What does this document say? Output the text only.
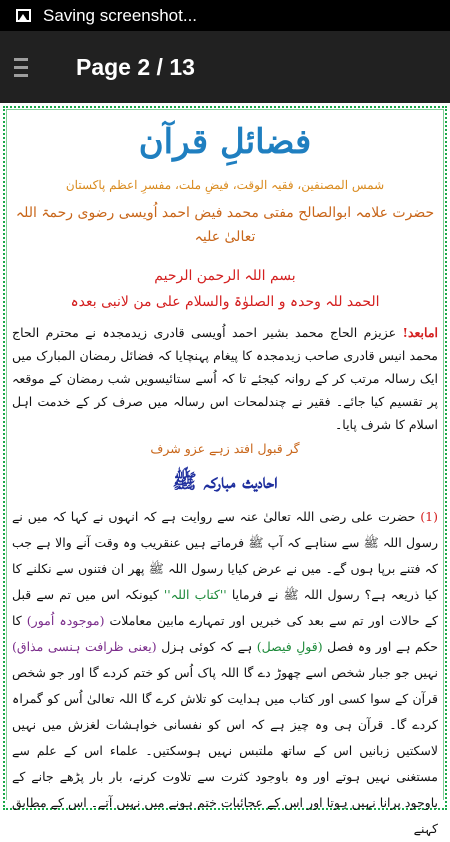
Saving screenshot...
Page 2 / 13
فضائلِ قرآن
شمس المصنفین، فقیہ الوقت، فیضِ ملت، مفسرِ اعظم پاکستان
حضرت علامہ ابوالصالح مفتی محمد فیض احمد اُویسی رضوی رحمۃ اللہ تعالیٰ علیہ
بسم اللہ الرحمن الرحیم
الحمد للہ وحدہ و الصلوٰۃ والسلام علی من لانبی بعدہ
امابعد! عزیزم الحاج محمد بشیر احمد اُویسی قادری زیدمجدہ نے محترم الحاج محمد انیس قادری صاحب زیدمجدہ کا پیغام پہنچایا کہ فضائل رمضان المبارک میں ایک رسالہ مرتب کر کے روانہ کیجئے تا کہ اُسے ستائیسویں شب رمضان کے موقعہ پر تقسیم کیا جائے۔ فقیر نے چندلمحات اس رسالہ میں صرف کر کے خدمت اہل اسلام کا شرف پایا۔
گر قبول افتد زہے عزو شرف
احادیث مبارکہ ﷺ
(1) حضرت علی رضی اللہ تعالیٰ عنہ سے روایت ہے کہ انہوں نے کہا کہ میں نے رسول اللہ ﷺ سے سناہے کہ آپ ﷺ فرماتے ہیں عنقریب وہ وقت آنے والا ہے جب کہ فتنے برپا ہوں گے۔ میں نے عرض کیایا رسول اللہ ﷺ پھر ان فتنوں سے نکلنے کا کیا ذریعہ ہے؟ رسول اللہ ﷺ نے فرمایا ''کتاب اللہ'' کیونکہ اس میں تم سے قبل کے حالات اور تم سے بعد کی خبریں اور تمہارے مابین معاملات (موجودہ اُمور) کا حکم ہے اور وہ فصل (قولِ فیصل) ہے کہ کوئی ہزل (یعنی ظرافت ہنسی مذاق) نہیں جو جبار شخص اسے چھوڑ دے گا اللہ پاک اُس کو ختم کردے گا اور جو شخص قرآن کے سوا کسی اور کتاب میں ہدایت کو تلاش کرے گا اللہ تعالیٰ اُس کو گمراہ کردے گا۔ قرآن ہی وہ چیز ہے کہ اس کو نفسانی خواہشات لغزش میں نہیں لاسکتیں زبانیں اس کے ساتھ ملتبس نہیں ہوسکتیں۔ علماء اس کے علم سے مستغنی نہیں ہوتے اور وہ باوجود کثرت سے تلاوت کرنے، بار بار پڑھے جانے کے باوجود پرانا نہیں ہوتا اور اس کے عجائبات ختم ہونے میں نہیں آتے۔ اس کے مطابق کہنے
